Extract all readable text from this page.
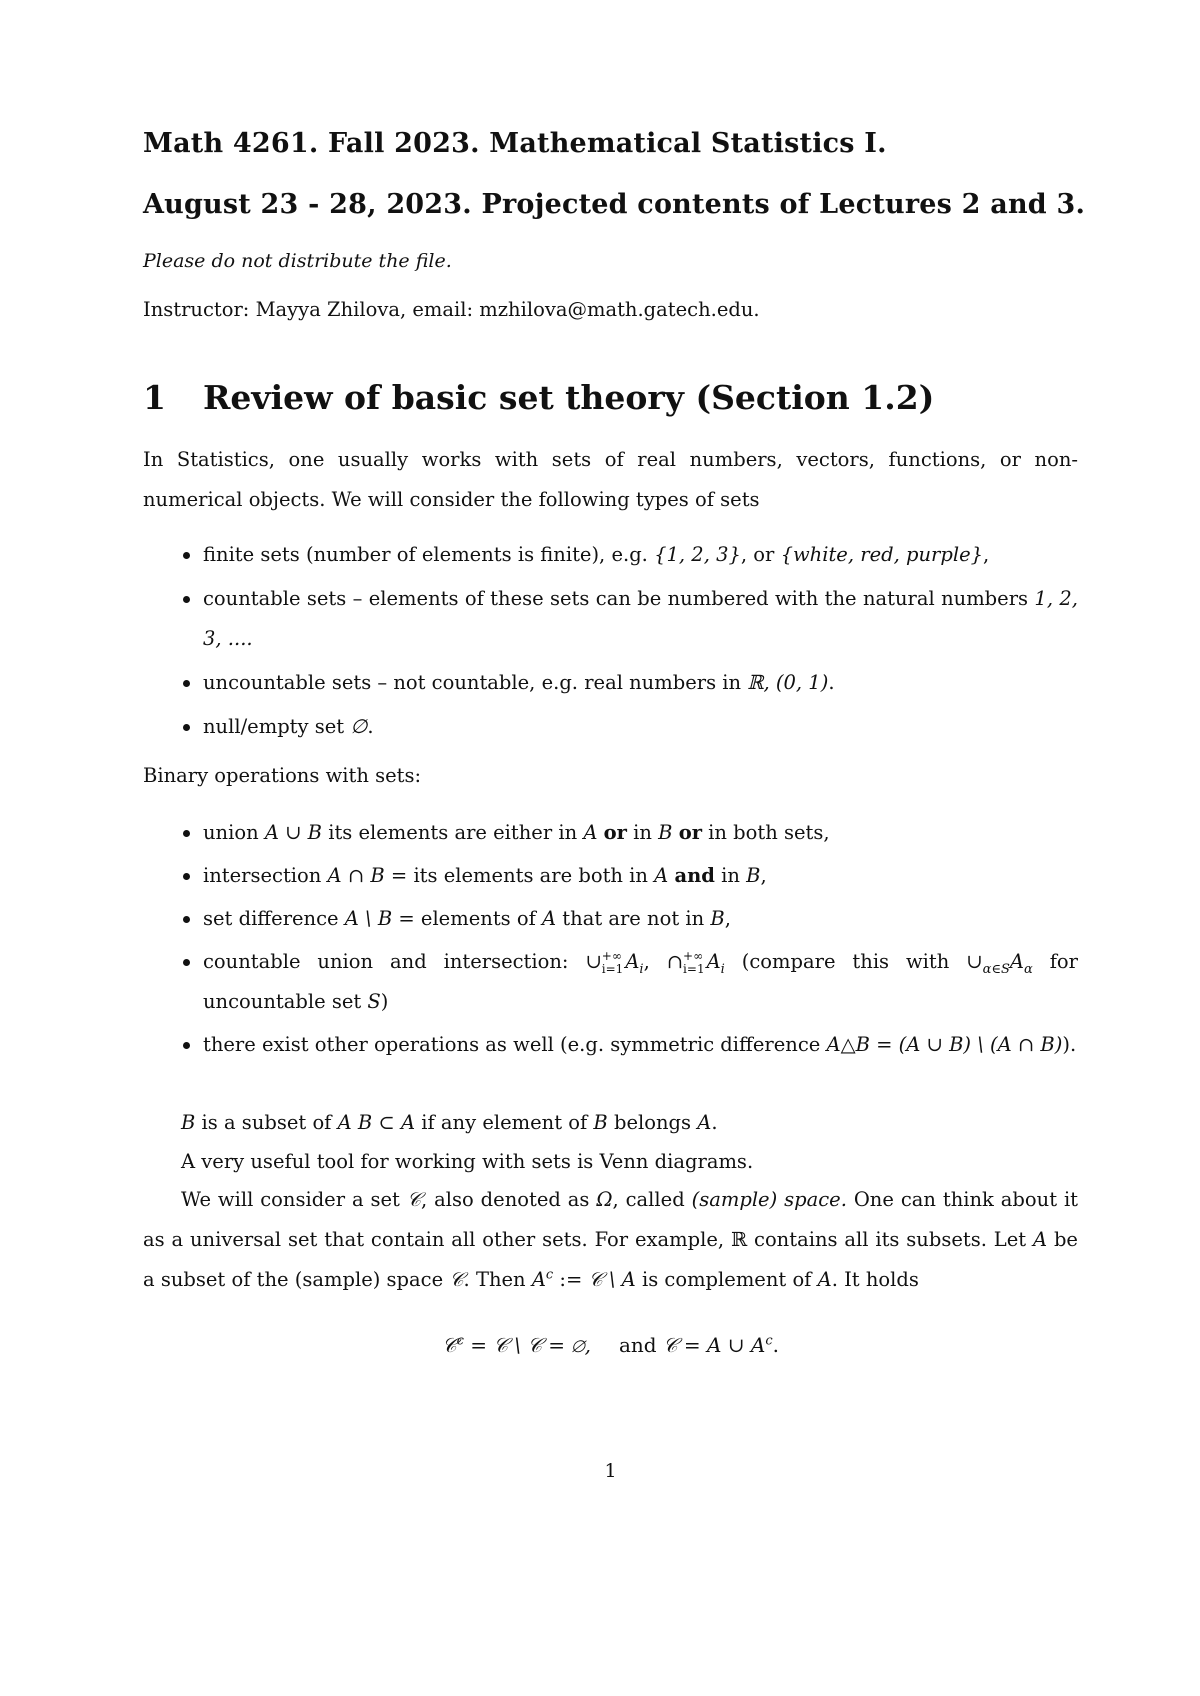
Math 4261. Fall 2023. Mathematical Statistics I.
August 23 - 28, 2023. Projected contents of Lectures 2 and 3.
Please do not distribute the file.
Instructor: Mayya Zhilova, email: mzhilova@math.gatech.edu.
1	Review of basic set theory (Section 1.2)
In Statistics, one usually works with sets of real numbers, vectors, functions, or non-numerical objects. We will consider the following types of sets
finite sets (number of elements is finite), e.g. {1, 2, 3}, or {white, red, purple},
countable sets – elements of these sets can be numbered with the natural numbers 1, 2, 3, ....
uncountable sets – not countable, e.g. real numbers in ℝ, (0, 1).
null/empty set ∅.
Binary operations with sets:
union A ∪ B its elements are either in A or in B or in both sets,
intersection A ∩ B = its elements are both in A and in B,
set difference A \ B = elements of A that are not in B,
countable union and intersection: ∪ +∞
i=1 $A_i$, ∩ +∞
i=1 $A_i$ (compare this with $\cup_{\alpha\in S}A_\alpha$ for uncountable set S)
there exist other operations as well (e.g. symmetric difference A△B = (A ∪ B) \ (A ∩ B)).
B is a subset of A B ⊂ A if any element of B belongs A.
A very useful tool for working with sets is Venn diagrams.
We will consider a set 𝒞, also denoted as Ω, called (sample) space. One can think about it as a universal set that contain all other sets. For example, ℝ contains all its subsets. Let A be a subset of the (sample) space 𝒞. Then $A^c$ := 𝒞 \ A is complement of A. It holds
𝒞$^c$ = 𝒞 \ 𝒞 = ∅, and 𝒞 = A ∪ $A^c$.
1
